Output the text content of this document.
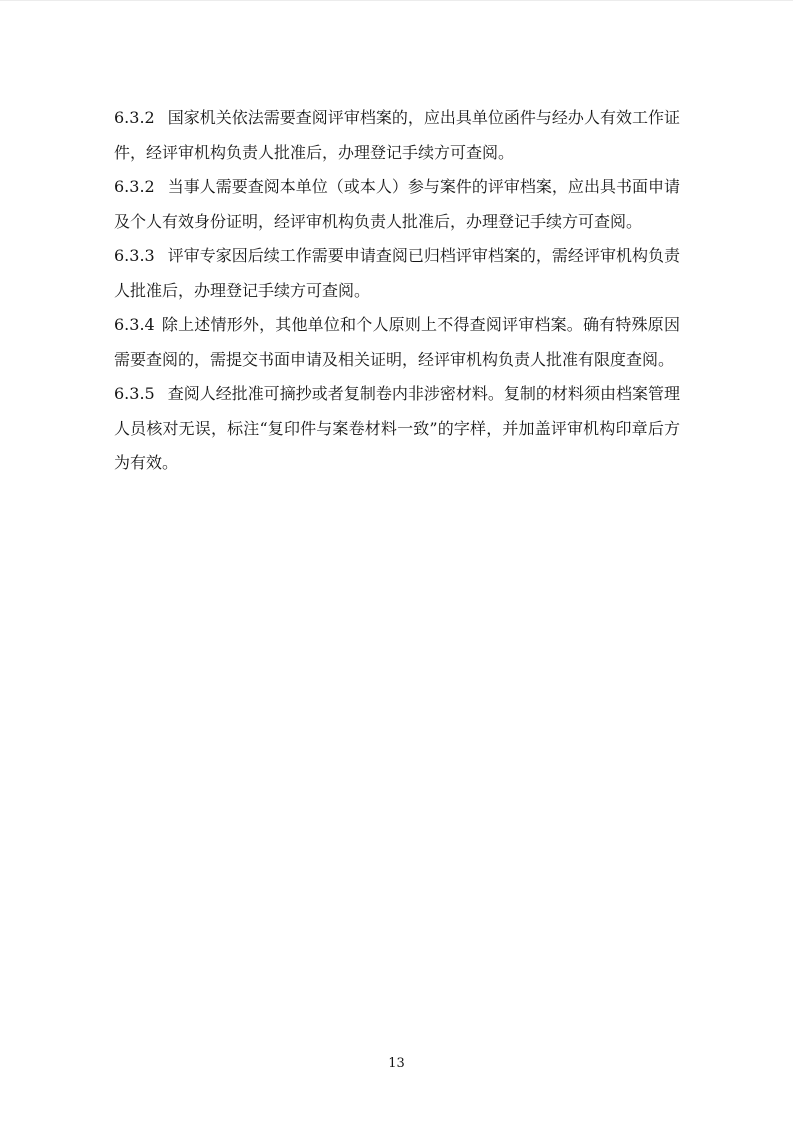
6.3.2 国家机关依法需要查阅评审档案的，应出具单位函件与经办人有效工作证件，经评审机构负责人批准后，办理登记手续方可查阅。

6.3.2 当事人需要查阅本单位（或本人）参与案件的评审档案，应出具书面申请及个人有效身份证明，经评审机构负责人批准后，办理登记手续方可查阅。

6.3.3 评审专家因后续工作需要申请查阅已归档评审档案的，需经评审机构负责人批准后，办理登记手续方可查阅。

6.3.4 除上述情形外，其他单位和个人原则上不得查阅评审档案。确有特殊原因需要查阅的，需提交书面申请及相关证明，经评审机构负责人批准有限度查阅。

6.3.5 查阅人经批准可摘抄或者复制卷内非涉密材料。复制的材料须由档案管理人员核对无误，标注“复印件与案卷材料一致”的字样，并加盖评审机构印章后方为有效。

13
